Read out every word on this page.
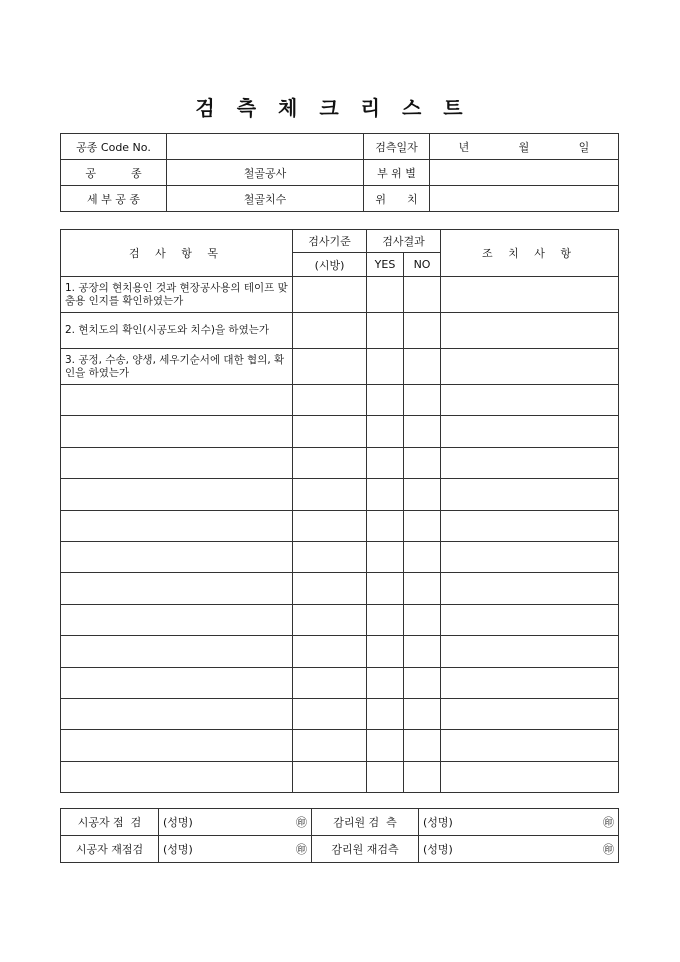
검측체크리스트
공종 Code No.		검측일자	년 월 일

공          종	철골공사	부 위 별	
세 부 공 종	철골치수	위      치	
검 사 항 목	검사기준	검사결과		조 치 사 항
	(시방)	YES	NO	
1. 공장의 현치용인 것과 현장공사용의 테이프 맞춤용 인지를 확인하였는가				
2. 현치도의 확인(시공도와 치수)을 하였는가				
3. 공정, 수송, 양생, 세우기순서에 대한 협의, 확인을 하였는가				

시공자 점  검	(성명) ㊞	감리원 검  측	(성명) ㊞

시공자 재점검	(성명) ㊞	감리원 재검측	(성명) ㊞
